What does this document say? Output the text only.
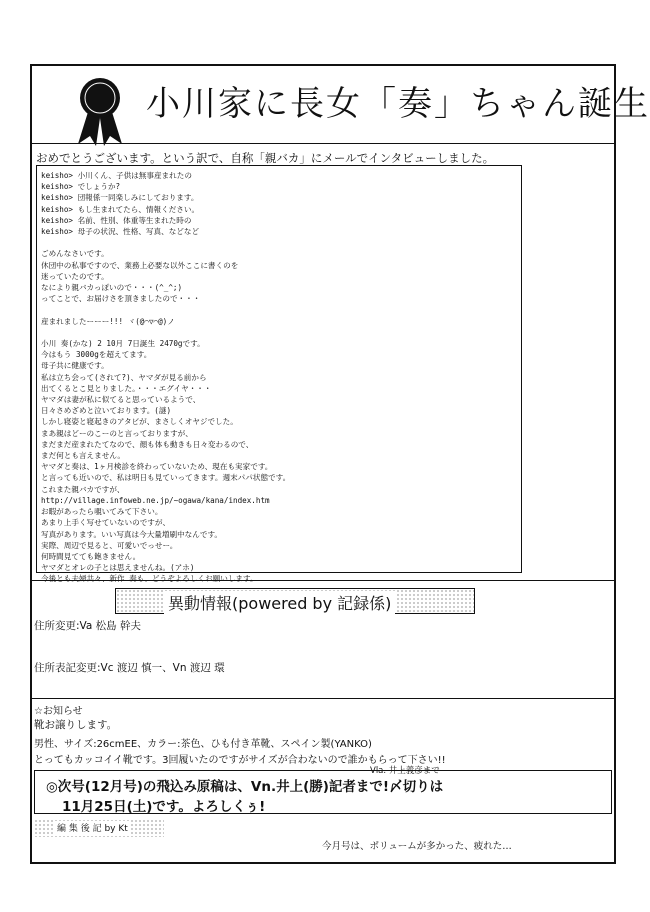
小川家に長女「奏」ちゃん誕生
おめでとうございます。という訳で、自称「親バカ」にメールでインタビューしました。
keisho> 小川くん、子供は無事産まれたの
keisho> でしょうか?
keisho> 団報係一同楽しみにしております。
keisho> もし生まれてたら、情報ください。
keisho> 名前、性別、体重等生まれた時の
keisho> 母子の状況、性格、写真、などなど

ごめんなさいです。
休団中の私事ですので、業務上必要な以外ここに書くのを
迷っていたのです。
なにより親バカっぽいので・・・(^_^;)
ってことで、お届けさを頂きましたので・・・

産まれましたーーー!!! ヾ(@⌒▽⌒@)ノ

小川 奏(かな) 2 10月 7日誕生 2470gです。
今はもう 3000gを超えてます。
母子共に健康です。
私は立ち会って(されて?)、ヤマダが見る前から
出てくるとこ見とりました。・・・エグイヤ・・・
ヤマダは妻が私に似てると思っているようで、
日々さめざめと泣いております。(謎)
しかし寝姿と寝起きのアタビが、まさしくオヤジでした。
まあ親はどーのこーのと言っておりますが、
まだまだ産まれたてなので、顔も体も動きも日々変わるので、
まだ何とも言えません。
ヤマダと奏は、1ヶ月検診を終わっていないため、現在も実家です。
と言っても近いので、私は明日も見ていってきます。週末パパ状態です。
これまた親バカですが、
http://village.infoweb.ne.jp/~ogawa/kana/index.htm
お暇があったら覗いてみて下さい。
あまり上手く写せていないのですが、
写真があります。いい写真は今大量増刷中なんです。
実際、周辺で見ると、可愛いでっせー。
何時間見てても飽きません。
ヤマダとオレの子とは思えませんね。(アホ)
今後とも夫婦共々、新作 奏も、どうぞよろしくお願いします。
異動情報(powered by 記録係)
住所変更:Va 松島 幹夫
住所表記変更:Vc 渡辺 慎一、Vn 渡辺 環
☆お知らせ
靴お譲りします。
男性、サイズ:26cmEE、カラー:茶色、ひも付き革靴、スペイン製(YANKO)
とってもカッコイイ靴です。3回履いたのですがサイズが合わないので誰かもらって下さい!!
Vla. 井上義彦まで
◎次号(12月号)の飛込み原稿は、Vn.井上(勝)記者まで!〆切りは
11月25日(土)です。よろしくぅ!
編 集 後 記 by Kt
今月号は、ボリュームが多かった、疲れた…
